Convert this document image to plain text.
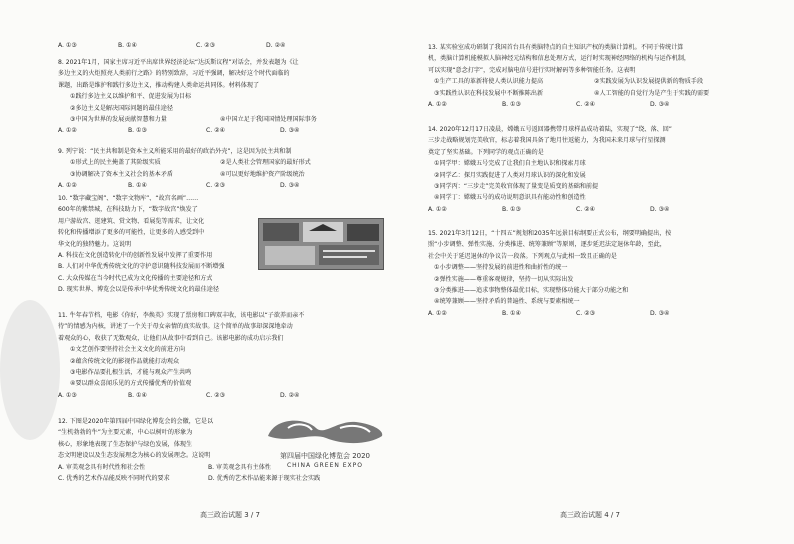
A. ①③	B. ①④	C. ②③	D. ②④
8. 2021年1月，国家主席习近平出席世界经济论坛“达沃斯议程”对话会，并发表题为《让
多边主义的火炬照亮人类前行之路》的特别致辞，习近平强调，解决好这个时代面临的
课题，出路是维护和践行多边主义，推动构建人类命运共同体。材料体现了
①践行多边主义以维护和平、促进发展为目标
②多边主义是解决国际问题的最佳途径
③中国为世界的发展贡献智慧和力量	④中国立足于我国国情处理国际事务
A. ①②	B. ①③	C. ②④	D. ③④
9. 列宁说：“民主共和制是资本主义所能采用的最好的政治外壳”，这是因为民主共和制
①形式上的民主掩盖了其阶级实质	②是人类社会管理国家的最好形式
③协调解决了资本主义社会的基本矛盾	④可以更好地维护资产阶级统治
A. ①②	B. ①④	C. ②③	D. ③④
10. “数字藏宝阁”、“数字文物库”、“故宫名画”……
600年的紫禁城，在科技助力下，“数字故宫”焕发了
用户游故宫、逛建筑、赏文物、看展览等需求，让文化
转化和传播增添了更多的可能性，让更多的人感受到中
华文化的独特魅力。这说明
A. 科技在文化创造转化中的创新性发展中发挥了重要作用
B. 人们对中华优秀传统文化的守护意识随科技发展而不断增强
C. 大众传媒在当今时代已成为文化传播的主要途径和方式
D. 现实世界、博览会以是传承中华优秀传统文化的最佳途径
11. 牛年春节档，电影《你好，李焕英》实现了票房和口碑双丰收，该电影以“子欲养而亲不
待”的情感为内核，讲述了一个关于母女亲情的真实故事。这个简单的故事却深深地牵动
着观众的心，收获了无数观众，让他们从故事中看到自己。该影电影的成功启示我们
①文艺创作要坚持社会主义文化的前进方向
②蕴含传统文化的影视作品就能打动观众
③电影作品要扎根生活，才能与观众产生共鸣
④要以群众喜闻乐见的方式传播优秀的价值观
A. ①③	B. ①④	C. ②③	D. ②④
12. 下图是2020年第四届中国绿化博览会的会徽，它是以
“生机勃勃的牛”为主要元素，中心以树叶的形象为
核心，形象地表现了生态保护与绿色发展，体现生
态文明建设以及生态发展理念为核心的发展理念。这说明
A. 审美观念具有时代性和社会性	B. 审美观念具有主体性
C. 优秀的艺术作品能反映不同时代的要求	D. 优秀的艺术作品能来源于现实社会实践
第四届中国绿化博览会 2020
CHINA GREEN EXPO
高三政治试题 3 / 7
13. 某实验室成功研制了我国首台具有类脑特点的自主知识产权的类脑计算机。不同于传统计算
机，类脑计算机能模拟人脑神经元结构和信息处理方式，运行时实现神经网络的机构与运作机制，
可以实现“意念打字”，完成对脑电信号进行实时解码等多种智能任务。这表明
①生产工具的革新将使人类认识能力提高	②实践发展为认识发展提供新的物质手段
③实践性认识在科技发展中不断推陈出新	④人工智能的自觉行为是产生于实践的需要
A. ①②	B. ①③	C. ②④	D. ③④
14. 2020年12月17日凌晨，嫦娥五号返回器携带月球样品成功着陆，实现了“绕、落、回”
三步走战略规划完美收官，标志着我国具备了地月往返能力，为我国未来月球与行星探测
奠定了坚实基础。下列同学的观点正确的是
①同学甲：嫦娥五号完成了让我们自主地认识和探索月球
②同学乙：探月实践促进了人类对月球认识的深化和发展
③同学丙：“三步走”完美收官体现了量变是质变的基础和前提
④同学丁：嫦娥五号的成功说明意识具有能动性和创造性
A. ①②	B. ①③	C. ②④	D. ③④
15. 2021年3月12日，“十四五”规划和2035年远景目标纲要正式公布，纲要明确提出，按
照“小步调整、弹性实施、分类推进、统筹兼顾”等原则，逐步延迟法定退休年龄，至此，
社会中关于延迟退休的争议告一段落。下列观点与此相一致且正确的是
①小步调整——坚持发展的前进性和曲折性的统一
②弹性实施——尊重客观规律，坚持一切从实际出发
③分类推进——追求事物整体最优目标，实现整体功能大于部分功能之和
④统筹兼顾——坚持矛盾的普遍性、系统与要素相统一
A. ①②	B. ①④	C. ②③	D. ③④
高三政治试题 4 / 7
